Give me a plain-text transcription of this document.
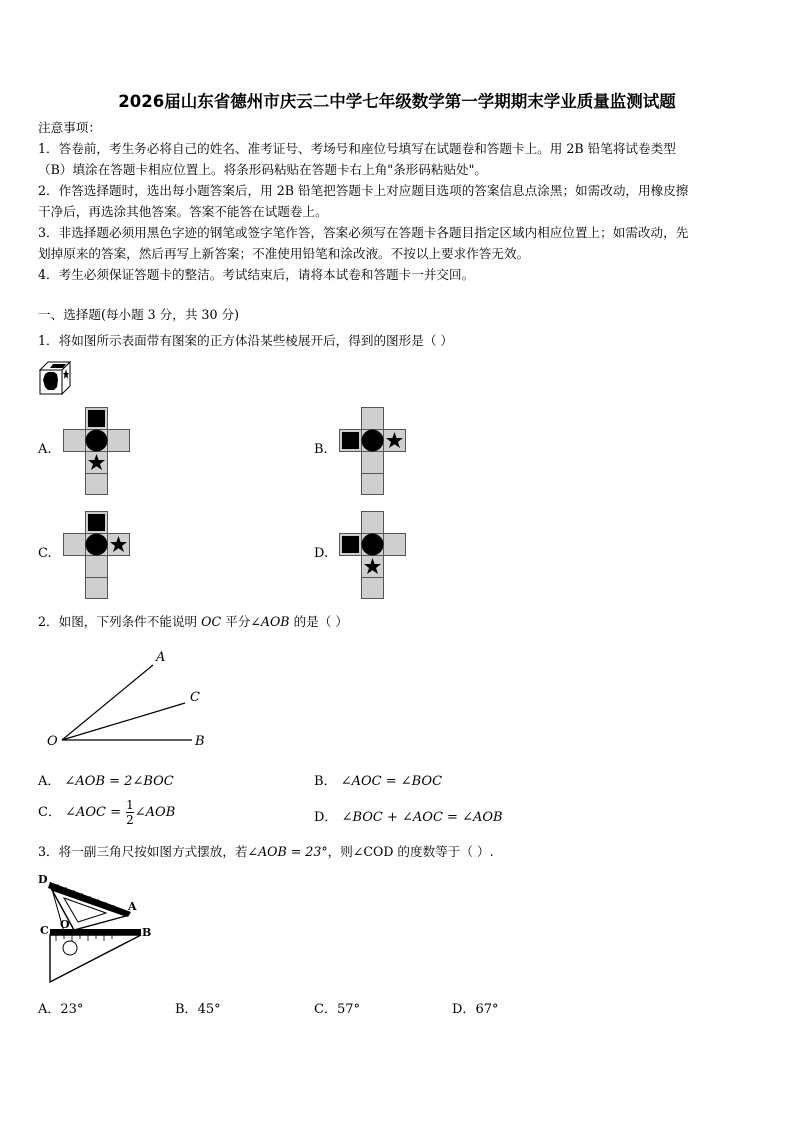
2026届山东省德州市庆云二中学七年级数学第一学期期末学业质量监测试题
注意事项：
1．答卷前，考生务必将自己的姓名、准考证号、考场号和座位号填写在试题卷和答题卡上。用 2B 铅笔将试卷类型
（B）填涂在答题卡相应位置上。将条形码粘贴在答题卡右上角"条形码粘贴处"。
2．作答选择题时，选出每小题答案后，用 2B 铅笔把答题卡上对应题目选项的答案信息点涂黑；如需改动，用橡皮擦
干净后，再选涂其他答案。答案不能答在试题卷上。
3．非选择题必须用黑色字迹的钢笔或签字笔作答，答案必须写在答题卡各题目指定区域内相应位置上；如需改动，先
划掉原来的答案，然后再写上新答案；不准使用铅笔和涂改液。不按以上要求作答无效。
4．考生必须保证答题卡的整洁。考试结束后，请将本试卷和答题卡一并交回。
一、选择题(每小题 3 分，共 30 分)
1．将如图所示表面带有图案的正方体沿某些棱展开后，得到的图形是（ ）
A.	B.
C.	D.
2．如图，下列条件不能说明 OC 平分∠AOB 的是（ ）
A
C
O	B
A． ∠AOB = 2∠BOC	B． ∠AOC = ∠BOC
C． ∠AOC = $\frac{1}{2}$ ∠AOB	D． ∠BOC + ∠AOC = ∠AOB
3．将一副三角尺按如图方式摆放，若∠AOB = 23°，则∠COD 的度数等于（ ）.
D
A
C O
B
A．23°	B．45°	C．57°	D．67°
